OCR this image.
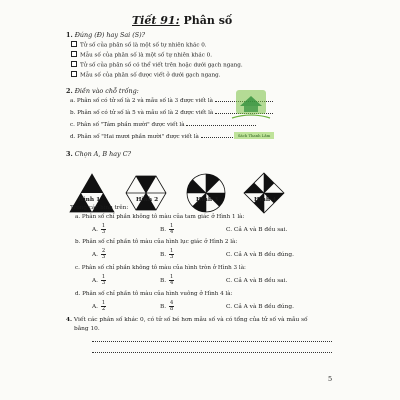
Tiết 91: Phân số
1. Đúng (Đ) hay Sai (S)?
Tử số của phân số là một số tự nhiên khác 0.
Mẫu số của phân số là một số tự nhiên khác 0.
Tử số của phân số có thể viết trên hoặc dưới gạch ngang.
Mẫu số của phân số được viết ở dưới gạch ngang.
2. Điền vào chỗ trống:
a. Phân số có tử số là 2 và mẫu số là 3 được viết là
b. Phân số có tử số là 5 và mẫu số là 2 được viết là
c. Phân số "Tám phần mười" được viết là
d. Phân số "Hai mươi phần mười" được viết là	Sách Thanh Lâm
3. Chọn A, B hay C?
Hình 1	Hình 2	Hình 3	Hình 4
Trong các hình trên:
a. Phân số chỉ phần không tô màu của tam giác ở Hình 1 là:
A. $\frac{1}{3}$	B. $\frac{1}{4}$	C. Cả A và B đều sai.
b. Phân số chỉ phần tô màu của hình lục giác ở Hình 2 là:
A. $\frac{2}{3}$	B. $\frac{1}{3}$	C. Cả A và B đều đúng.
c. Phân số chỉ phần không tô màu của hình tròn ở Hình 3 là:
A. $\frac{1}{3}$	B. $\frac{1}{4}$	C. Cả A và B đều sai.
d. Phân số chỉ phần tô màu của hình vuông ở Hình 4 là:
A. $\frac{1}{2}$	B. $\frac{4}{8}$	C. Cả A và B đều đúng.
4. Viết các phân số khác 0, có tử số bé hơn mẫu số và có tổng của tử số và mẫu số
bằng 10.
5
